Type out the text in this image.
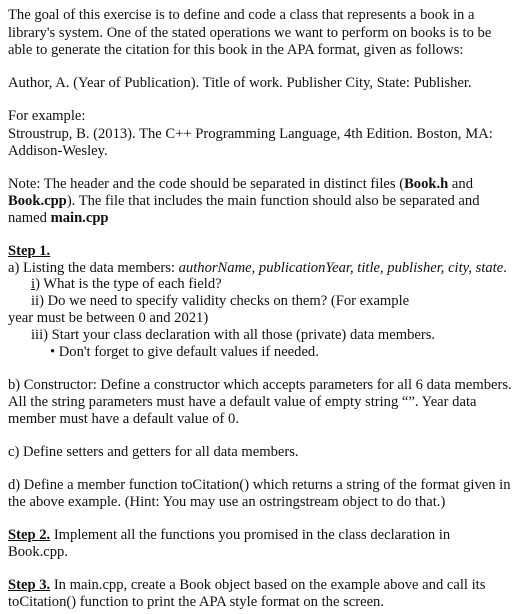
The goal of this exercise is to define and code a class that represents a book in a
library's system. One of the stated operations we want to perform on books is to be
able to generate the citation for this book in the APA format, given as follows:
Author, A. (Year of Publication). Title of work. Publisher City, State: Publisher.
For example:
Stroustrup, B. (2013). The C++ Programming Language, 4th Edition. Boston, MA:
Addison-Wesley.
Note: The header and the code should be separated in distinct files (Book.h and
Book.cpp). The file that includes the main function should also be separated and
named main.cpp
Step 1.
a) Listing the data members: authorName, publicationYear, title, publisher, city, state.
i) What is the type of each field?
ii) Do we need to specify validity checks on them? (For example
year must be between 0 and 2021)
iii) Start your class declaration with all those (private) data members.
• Don't forget to give default values if needed.
b) Constructor: Define a constructor which accepts parameters for all 6 data members.
All the string parameters must have a default value of empty string “”. Year data
member must have a default value of 0.
c) Define setters and getters for all data members.
d) Define a member function toCitation() which returns a string of the format given in
the above example. (Hint: You may use an ostringstream object to do that.)
Step 2. Implement all the functions you promised in the class declaration in
Book.cpp.
Step 3. In main.cpp, create a Book object based on the example above and call its
toCitation() function to print the APA style format on the screen.
